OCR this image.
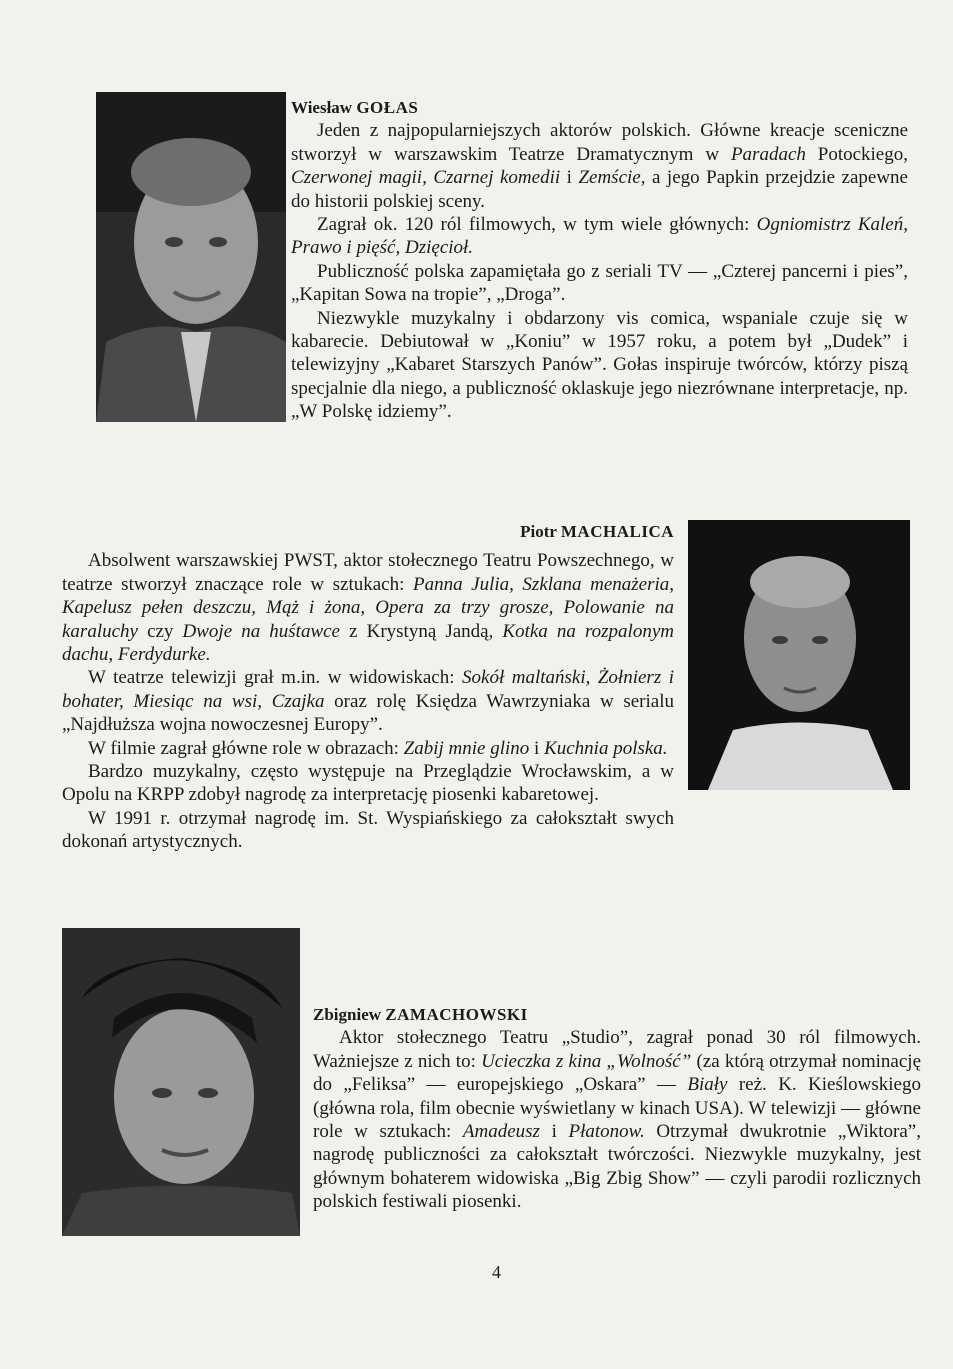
Wiesław GOŁAS

Jeden z najpopularniejszych aktorów polskich. Główne kreacje sceniczne stworzył w warszawskim Teatrze Dramatycznym w Paradach Potockiego, Czerwonej magii, Czarnej komedii i Zemście, a jego Papkin przejdzie zapewne do historii polskiej sceny.

Zagrał ok. 120 ról filmowych, w tym wiele głównych: Ogniomistrz Kaleń, Prawo i pięść, Dzięcioł.

Publiczność polska zapamiętała go z seriali TV — „Czterej pancerni i pies”, „Kapitan Sowa na tropie”, „Droga”.

Niezwykle muzykalny i obdarzony vis comica, wspaniale czuje się w kabarecie. Debiutował w „Koniu” w 1957 roku, a potem był „Dudek” i telewizyjny „Kabaret Starszych Panów”. Gołas inspiruje twórców, którzy piszą specjalnie dla niego, a publiczność oklaskuje jego niezrównane interpretacje, np. „W Polskę idziemy”.

Piotr MACHALICA

Absolwent warszawskiej PWST, aktor stołecznego Teatru Powszechnego, w teatrze stworzył znaczące role w sztukach: Panna Julia, Szklana menażeria, Kapelusz pełen deszczu, Mąż i żona, Opera za trzy grosze, Polowanie na karaluchy czy Dwoje na huśtawce z Krystyną Jandą, Kotka na rozpalonym dachu, Ferdydurke.

W teatrze telewizji grał m.in. w widowiskach: Sokół maltański, Żołnierz i bohater, Miesiąc na wsi, Czajka oraz rolę Księdza Wawrzyniaka w serialu „Najdłuższa wojna nowoczesnej Europy”.

W filmie zagrał główne role w obrazach: Zabij mnie glino i Kuchnia polska.

Bardzo muzykalny, często występuje na Przeglądzie Wrocławskim, a w Opolu na KRPP zdobył nagrodę za interpretację piosenki kabaretowej.

W 1991 r. otrzymał nagrodę im. St. Wyspiańskiego za całokształt swych dokonań artystycznych.

Zbigniew ZAMACHOWSKI

Aktor stołecznego Teatru „Studio”, zagrał ponad 30 ról filmowych. Ważniejsze z nich to: Ucieczka z kina „Wolność” (za którą otrzymał nominację do „Feliksa” — europejskiego „Oskara” — Biały reż. K. Kieślowskiego (główna rola, film obecnie wyświetlany w kinach USA). W telewizji — główne role w sztukach: Amadeusz i Płatonow. Otrzymał dwukrotnie „Wiktora”, nagrodę publiczności za całokształt twórczości. Niezwykle muzykalny, jest głównym bohaterem widowiska „Big Zbig Show” — czyli parodii rozlicznych polskich festiwali piosenki.

4
